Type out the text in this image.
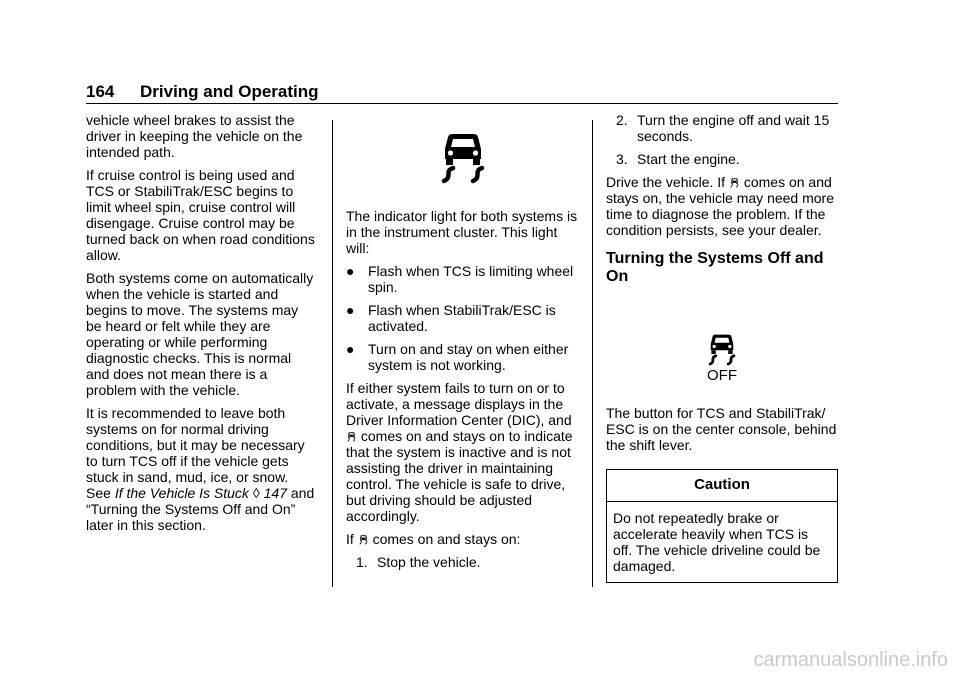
164 Driving and Operating

vehicle wheel brakes to assist the driver in keeping the vehicle on the intended path.

If cruise control is being used and TCS or StabiliTrak/ESC begins to limit wheel spin, cruise control will disengage. Cruise control may be turned back on when road conditions allow.

Both systems come on automatically when the vehicle is started and begins to move. The systems may be heard or felt while they are operating or while performing diagnostic checks. This is normal and does not mean there is a problem with the vehicle.

It is recommended to leave both systems on for normal driving conditions, but it may be necessary to turn TCS off if the vehicle gets stuck in sand, mud, ice, or snow. See If the Vehicle Is Stuck ◊ 147 and “Turning the Systems Off and On” later in this section.

The indicator light for both systems is in the instrument cluster. This light will:

● Flash when TCS is limiting wheel spin.
● Flash when StabiliTrak/ESC is activated.
● Turn on and stay on when either system is not working.

If either system fails to turn on or to activate, a message displays in the Driver Information Center (DIC), and  comes on and stays on to indicate that the system is inactive and is not assisting the driver in maintaining control. The vehicle is safe to drive, but driving should be adjusted accordingly.

If comes on and stays on:

1. Stop the vehicle.
2. Turn the engine off and wait 15 seconds.
3. Start the engine.

Drive the vehicle. If comes on and stays on, the vehicle may need more time to diagnose the problem. If the condition persists, see your dealer.

Turning the Systems Off and On
OFF

The button for TCS and StabiliTrak/ ESC is on the center console, behind the shift lever.

Caution
Do not repeatedly brake or accelerate heavily when TCS is off. The vehicle driveline could be damaged.
carmanualsonline.info
